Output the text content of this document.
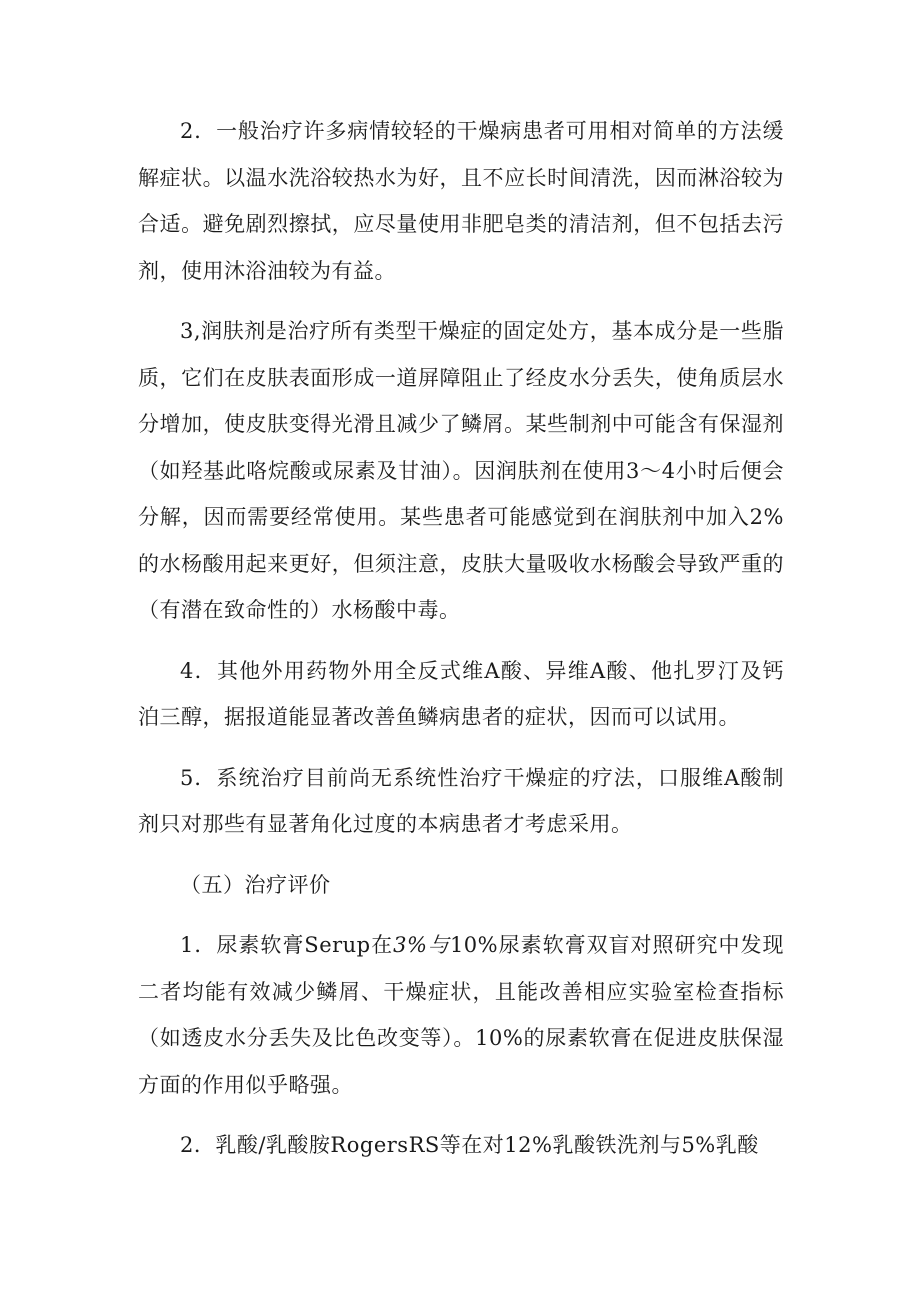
2．一般治疗许多病情较轻的干燥病患者可用相对简单的方法缓解症状。以温水洗浴较热水为好，且不应长时间清洗，因而淋浴较为合适。避免剧烈擦拭，应尽量使用非肥皂类的清洁剂，但不包括去污剂，使用沐浴油较为有益。

3,润肤剂是治疗所有类型干燥症的固定处方，基本成分是一些脂质，它们在皮肤表面形成一道屏障阻止了经皮水分丢失，使角质层水分增加，使皮肤变得光滑且减少了鳞屑。某些制剂中可能含有保湿剂（如羟基此咯烷酸或尿素及甘油）。因润肤剂在使用3～4小时后便会分解，因而需要经常使用。某些患者可能感觉到在润肤剂中加入2%的水杨酸用起来更好，但须注意，皮肤大量吸收水杨酸会导致严重的（有潜在致命性的）水杨酸中毒。

4．其他外用药物外用全反式维A酸、异维A酸、他扎罗汀及钙泊三醇，据报道能显著改善鱼鳞病患者的症状，因而可以试用。

5．系统治疗目前尚无系统性治疗干燥症的疗法，口服维A酸制剂只对那些有显著角化过度的本病患者才考虑采用。

（五）治疗评价

1．尿素软膏Serup在3%与10%尿素软膏双盲对照研究中发现二者均能有效减少鳞屑、干燥症状，且能改善相应实验室检查指标（如透皮水分丢失及比色改变等）。10%的尿素软膏在促进皮肤保湿方面的作用似乎略强。

2．乳酸/乳酸胺RogersRS等在对12%乳酸铁洗剂与5%乳酸
